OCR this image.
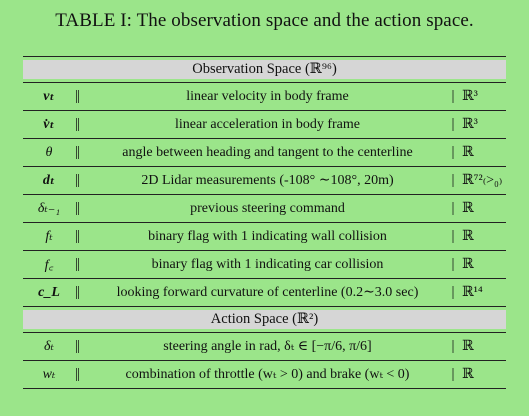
TABLE I: The observation space and the action space.
Observation Space (ℝ⁹⁶)
vₜ	||	linear velocity in body frame	| ℝ³
v̇ₜ	||	linear acceleration in body frame	| ℝ³
θ	||	angle between heading and tangent to the centerline	| ℝ
dₜ	||	2D Lidar measurements (-108° ∼108°, 20m)	| ℝ⁷²₍>₀₎
δₜ₋₁ ||	previous steering command	| ℝ
fₜ	||	binary flag with 1 indicating wall collision	| ℝ
f꜀	||	binary flag with 1 indicating car collision	| ℝ
c_L	||	looking forward curvature of centerline (0.2∼3.0 sec)	| ℝ¹⁴
Action Space (ℝ²)
δₜ	||	steering angle in rad, δₜ ∈ [−π/6, π/6]	| ℝ
wₜ	||	combination of throttle (wₜ > 0) and brake (wₜ < 0)	| ℝ
